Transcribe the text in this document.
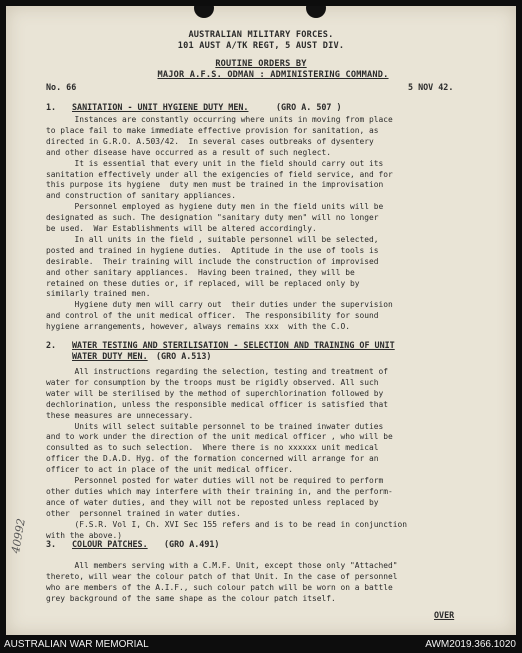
AUSTRALIAN MILITARY FORCES.
101 AUST A/TK REGT, 5 AUST DIV.
ROUTINE ORDERS BY
MAJOR A.F.S. ODMAN : ADMINISTERING COMMAND.
No. 66	5 NOV 42.
1. SANITATION - UNIT HYGIENE DUTY MEN.	(GRO A. 507 )
Instances are constantly occurring where units in moving from place
to place fail to make immediate effective provision for sanitation, as
directed in G.R.O. A.503/42.  In several cases outbreaks of dysentery
and other disease have occurred as a result of such neglect.
It is essential that every unit in the field should carry out its
sanitation effectively under all the exigencies of field service, and for
this purpose its hygiene  duty men must be trained in the improvisation
and construction of sanitary appliances.
Personnel employed as hygiene duty men in the field units will be
designated as such. The designation "sanitary duty men" will no longer
be used.  War Establishments will be altered accordingly.
In all units in the field , suitable personnel will be selected,
posted and trained in hygiene duties.  Aptitude in the use of tools is
desirable.  Their training will include the construction of improvised
and other sanitary appliances.  Having been trained, they will be
retained on these duties or, if replaced, will be replaced only by
similarly trained men.
Hygiene duty men will carry out  their duties under the supervision
and control of the unit medical officer.  The responsibility for sound
hygiene arrangements, however, always remains xxx  with the C.O.
2. WATER TESTING AND STERILISATION - SELECTION AND TRAINING OF UNIT
WATER DUTY MEN. (GRO A.513)
All instructions regarding the selection, testing and treatment of
water for consumption by the troops must be rigidly observed. All such
water will be sterilised by the method of superchlorination followed by
dechlorination, unless the responsible medical officer is satisfied that
these measures are unnecessary.
Units will select suitable personnel to be trained inwater duties
and to work under the direction of the unit medical officer , who will be
consulted as to such selection.  Where there is no xxxxxx unit medical
officer the D.A.D. Hyg. of the formation concerned will arrange for an
officer to act in place of the unit medical officer.
Personnel posted for water duties will not be required to perform
other duties which may interfere with their training in, and the perform-
ance of water duties, and they will not be reposted unless replaced by
other  personnel trained in water duties.
(F.S.R. Vol I, Ch. XVI Sec 155 refers and is to be read in conjunction
with the above.)
3. COLOUR PATCHES. (GRO A.491)
All members serving with a C.M.F. Unit, except those only "Attached"
thereto, will wear the colour patch of that Unit. In the case of personnel
who are members of the A.I.F., such colour patch will be worn on a battle
grey background of the same shape as the colour patch itself.
OVER
40992
AUSTRALIAN WAR MEMORIAL	AWM2019.366.1020
